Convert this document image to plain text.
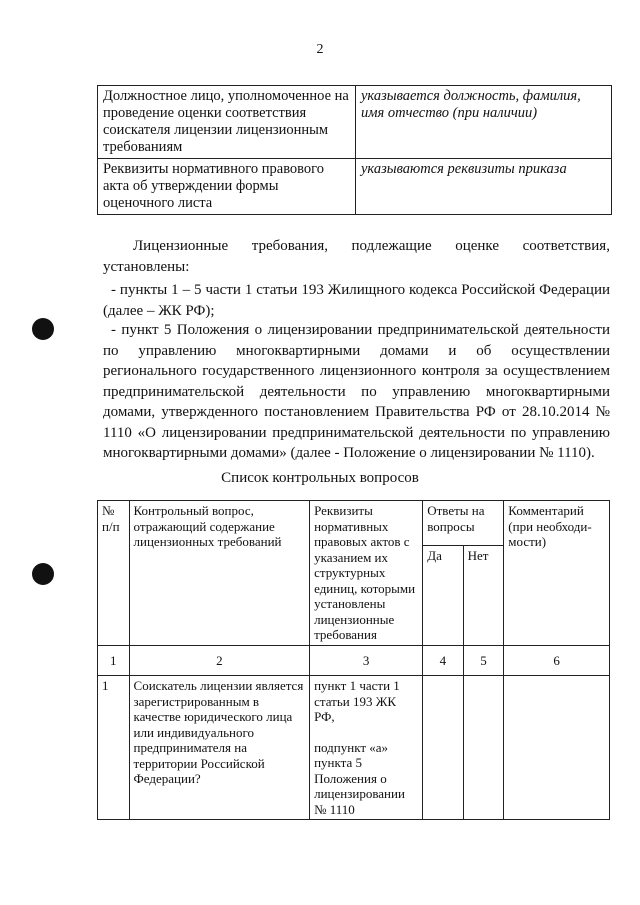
2
Должностное лицо, уполномоченное на проведение оценки соответствия соискателя лицензии лицензионным требованиям	указывается должность, фамилия, имя отчество (при наличии)
Реквизиты нормативного правового акта об утверждении формы оценочного листа	указываются реквизиты приказа
Лицензионные требования, подлежащие оценке соответствия,
установлены:
- пункты 1 – 5 части 1 статьи 193 Жилищного кодекса Российской Федерации (далее – ЖК РФ);
- пункт 5 Положения о лицензировании предпринимательской деятельности по управлению многоквартирными домами и об осуществлении регионального государственного лицензионного контроля за осуществлением предпринимательской деятельности по управлению многоквартирными домами, утвержденного постановлением Правительства РФ от 28.10.2014 № 1110 «О лицензировании предпринимательской деятельности по управлению многоквартирными домами» (далее - Положение о лицензировании № 1110).
Список контрольных вопросов
№ п/п	Контрольный вопрос, отражающий содержание лицензионных требований	Реквизиты нормативных правовых актов с указанием их структурных единиц, которыми установлены лицензионные требования	Ответы на вопросы		Комментарий (при необходи-мости)
			Да	Нет	
1	2	3	4	5	6
1	Соискатель лицензии является зарегистрированным в качестве юридического лица или индивидуального предпринимателя на территории Российской Федерации?	пункт 1 части 1 статьи 193 ЖК РФ,
подпункт «а» пункта 5 Положения о лицензировании № 1110			
